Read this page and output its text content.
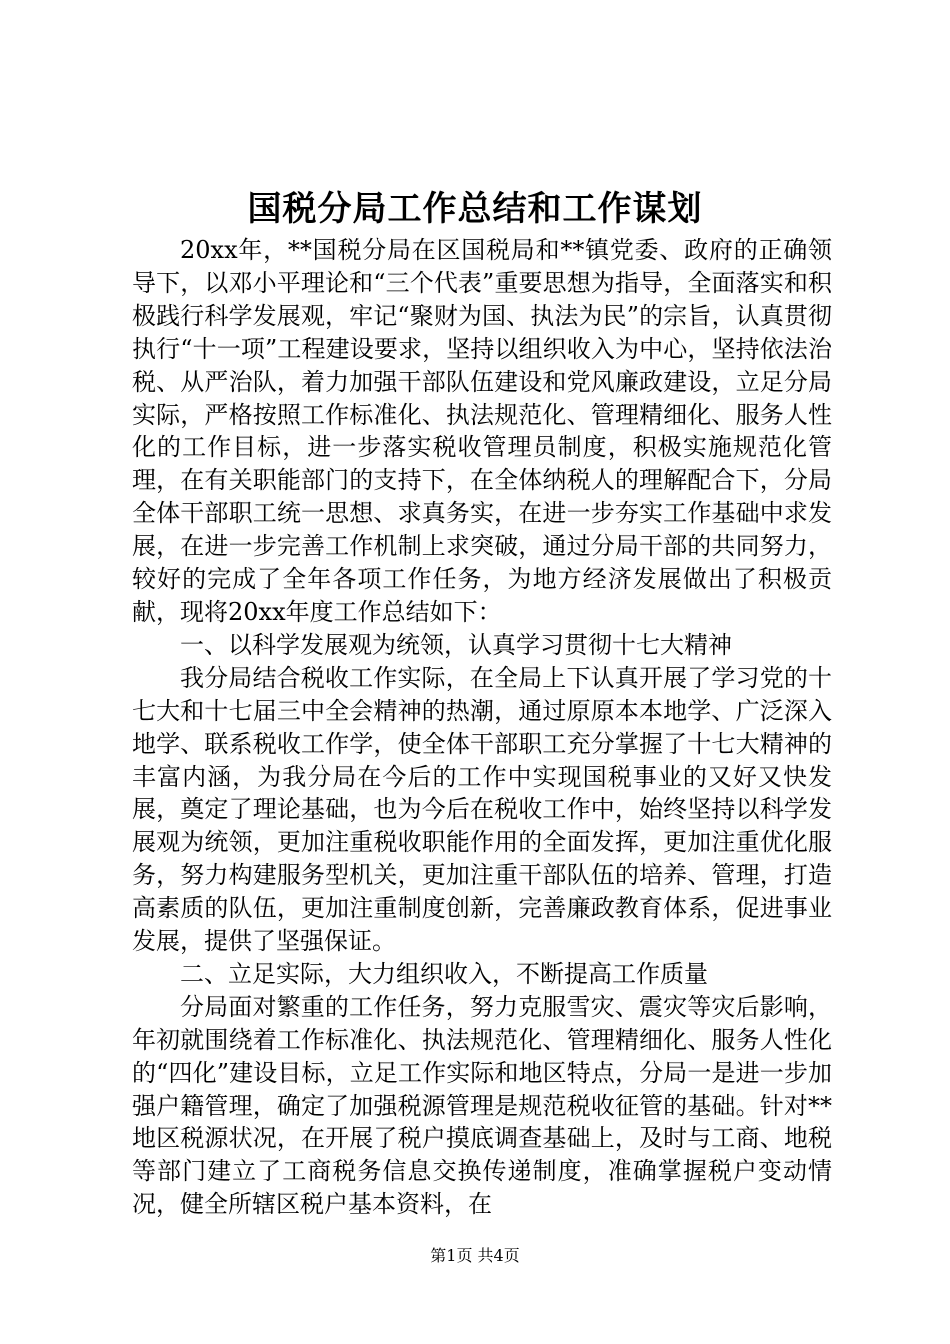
国税分局工作总结和工作谋划

20xx年，**国税分局在区国税局和**镇党委、政府的正确领导下，以邓小平理论和“三个代表”重要思想为指导，全面落实和积极践行科学发展观，牢记“聚财为国、执法为民”的宗旨，认真贯彻执行“十一项”工程建设要求，坚持以组织收入为中心，坚持依法治税、从严治队，着力加强干部队伍建设和党风廉政建设，立足分局实际，严格按照工作标准化、执法规范化、管理精细化、服务人性化的工作目标，进一步落实税收管理员制度，积极实施规范化管理，在有关职能部门的支持下，在全体纳税人的理解配合下，分局全体干部职工统一思想、求真务实，在进一步夯实工作基础中求发展，在进一步完善工作机制上求突破，通过分局干部的共同努力，较好的完成了全年各项工作任务，为地方经济发展做出了积极贡献，现将20xx年度工作总结如下：

一、以科学发展观为统领，认真学习贯彻十七大精神

我分局结合税收工作实际，在全局上下认真开展了学习党的十七大和十七届三中全会精神的热潮，通过原原本本地学、广泛深入地学、联系税收工作学，使全体干部职工充分掌握了十七大精神的丰富内涵，为我分局在今后的工作中实现国税事业的又好又快发展，奠定了理论基础，也为今后在税收工作中，始终坚持以科学发展观为统领，更加注重税收职能作用的全面发挥，更加注重优化服务，努力构建服务型机关，更加注重干部队伍的培养、管理，打造高素质的队伍，更加注重制度创新，完善廉政教育体系，促进事业发展，提供了坚强保证。

二、立足实际，大力组织收入，不断提高工作质量

分局面对繁重的工作任务，努力克服雪灾、震灾等灾后影响，年初就围绕着工作标准化、执法规范化、管理精细化、服务人性化的“四化”建设目标，立足工作实际和地区特点，分局一是进一步加强户籍管理，确定了加强税源管理是规范税收征管的基础。针对**地区税源状况，在开展了税户摸底调查基础上，及时与工商、地税等部门建立了工商税务信息交换传递制度，准确掌握税户变动情况，健全所辖区税户基本资料，在

第1页 共4页
